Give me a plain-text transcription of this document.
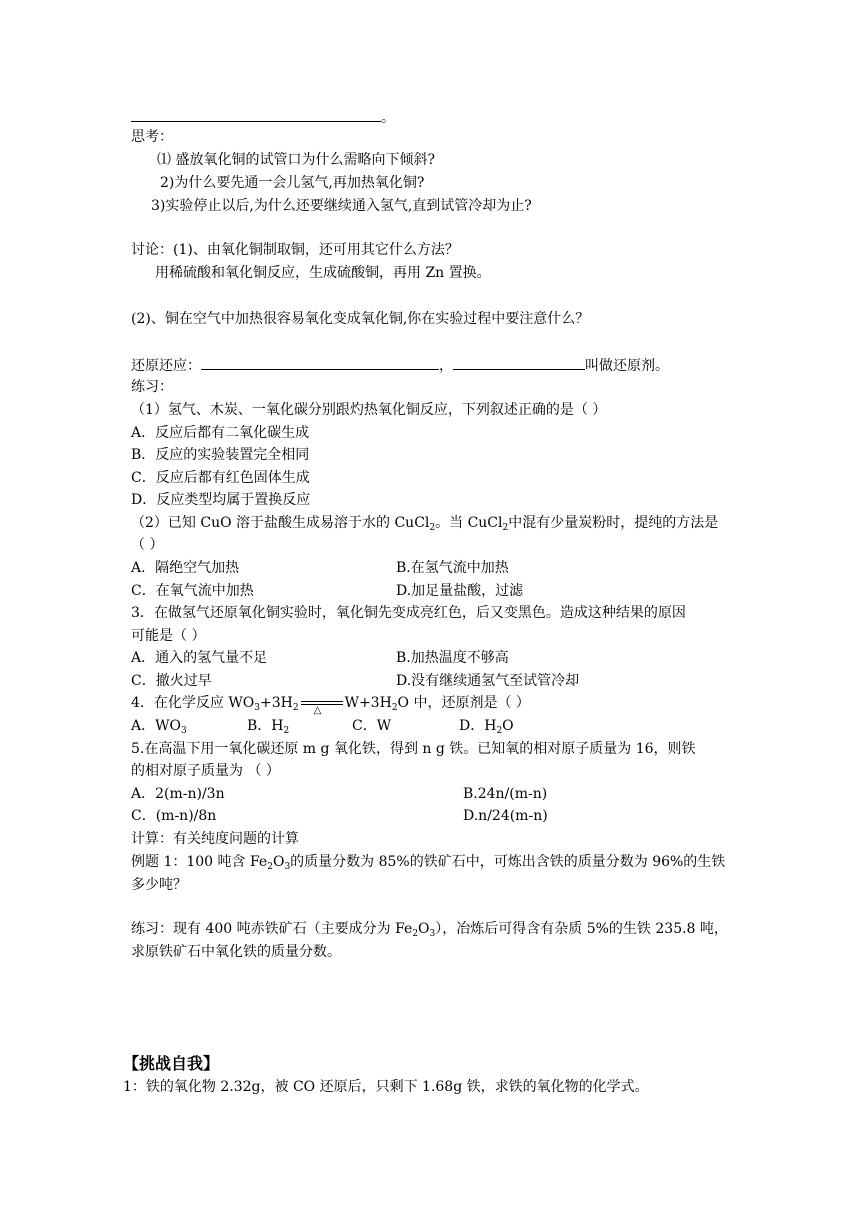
。
思考：
⑴ 盛放氧化铜的试管口为什么需略向下倾斜?
2)为什么要先通一会儿氢气,再加热氧化铜?
3)实验停止以后,为什么还要继续通入氢气,直到试管冷却为止?
讨论：(1)、由氧化铜制取铜，还可用其它什么方法？
用稀硫酸和氧化铜反应，生成硫酸铜，再用 Zn 置换。
(2)、铜在空气中加热很容易氧化变成氧化铜,你在实验过程中要注意什么？
还原还应：	，	叫做还原剂。
练习：
（1）氢气、木炭、一氧化碳分别跟灼热氧化铜反应，下列叙述正确的是（ ）
A．反应后都有二氧化碳生成
B．反应的实验装置完全相同
C．反应后都有红色固体生成
D．反应类型均属于置换反应
（2）已知 CuO 溶于盐酸生成易溶于水的 CuCl$_2$。当 CuCl$_2$中混有少量炭粉时，提纯的方法是
（ ）
A．隔绝空气加热	B.在氢气流中加热
C．在氧气流中加热	D.加足量盐酸，过滤
3．在做氢气还原氧化铜实验时，氧化铜先变成亮红色，后又变黑色。造成这种结果的原因
可能是（ ）
A．通入的氢气量不足	B.加热温度不够高
C．撤火过早	D.没有继续通氢气至试管冷却
4．在化学反应 $WO_3+3H_2$ △ $W+3H_2O$ 中，还原剂是（ ）
A．$WO_3$	B．$H_2$	C．W	D．$H_2O$
5.在高温下用一氧化碳还原 m g 氧化铁，得到 n g 铁。已知氧的相对原子质量为 16，则铁
的相对原子质量为 （ ）
A．2(m-n)/3n	B.24n/(m-n)
C．(m-n)/8n	D.n/24(m-n)
计算：有关纯度问题的计算
例题 1：100 吨含 $Fe_2O_3$的质量分数为 85%的铁矿石中，可炼出含铁的质量分数为 96%的生铁
多少吨？
练习：现有 400 吨赤铁矿石（主要成分为 $Fe_2O_3$），冶炼后可得含有杂质 5%的生铁 235.8 吨，
求原铁矿石中氧化铁的质量分数。
【挑战自我】
1：铁的氧化物 2.32g，被 CO 还原后，只剩下 1.68g 铁，求铁的氧化物的化学式。
